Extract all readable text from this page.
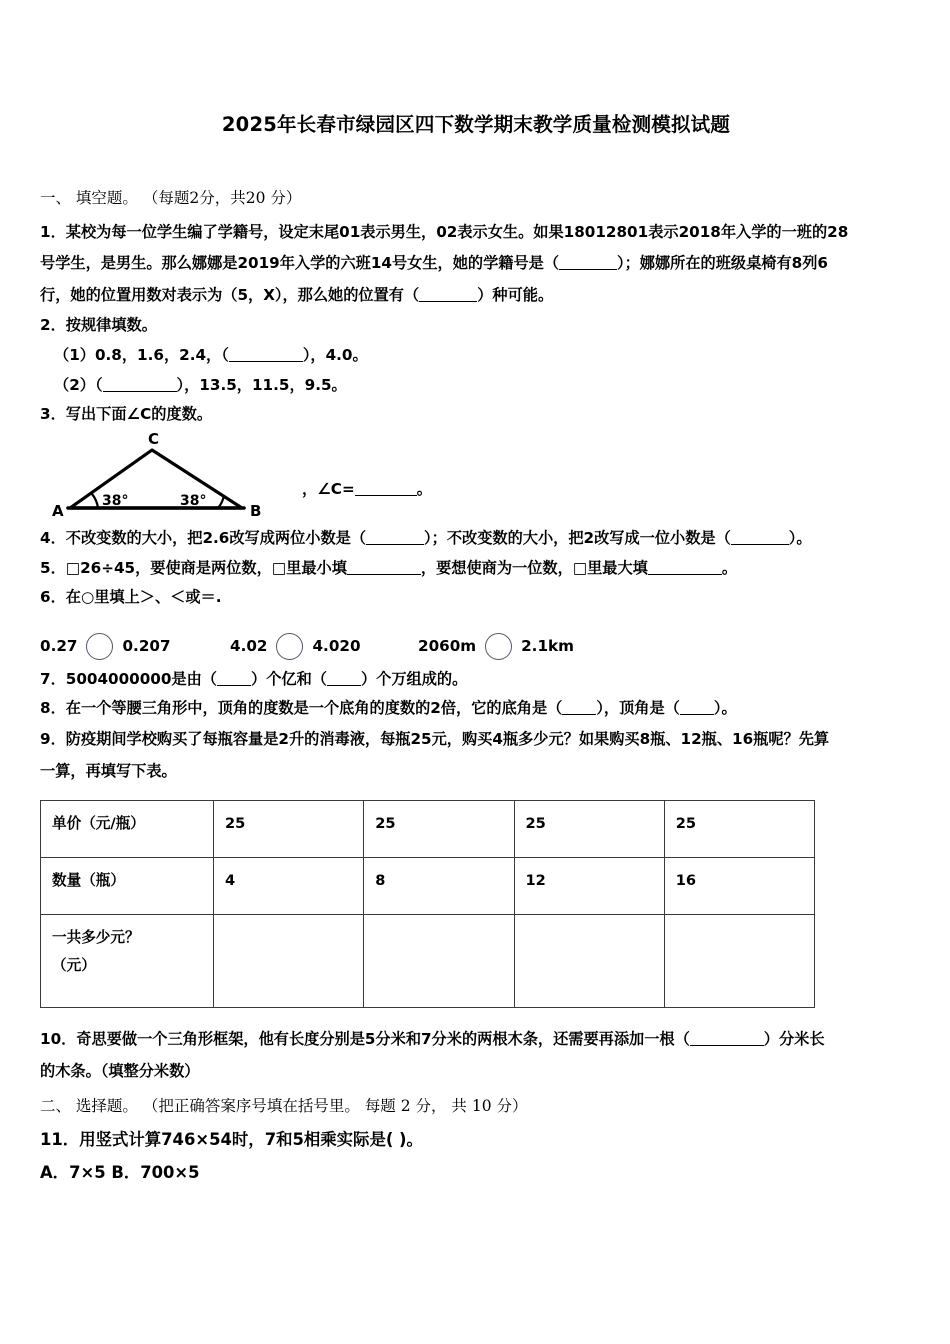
2025年长春市绿园区四下数学期末教学质量检测模拟试题
一、 填空题。 （每题2分，共20 分）
1．某校为每一位学生编了学籍号，设定末尾01表示男生，02表示女生。如果18012801表示2018年入学的一班的28
号学生，是男生。那么娜娜是2019年入学的六班14号女生，她的学籍号是（	）；娜娜所在的班级桌椅有8列6
行，她的位置用数对表示为（5，X），那么她的位置有（	）种可能。
2．按规律填数。
（1）0.8，1.6，2.4，（	），4.0。
（2）（	），13.5，11.5，9.5。
3．写出下面∠C的度数。
C
A	B
38°	38°
，∠C=	。
4．不改变数的大小，把2.6改写成两位小数是（	）；不改变数的大小，把2改写成一位小数是（	）。
5．□26÷45，要使商是两位数，□里最小填	，要想使商为一位数，□里最大填	。
6．在○里填上＞、＜或＝.
0.27	0.207	4.02	4.020	2060m	2.1km
7．5004000000是由（ ）个亿和（ ）个万组成的。
8．在一个等腰三角形中，顶角的度数是一个底角的度数的2倍，它的底角是（ ），顶角是（ ）。
9．防疫期间学校购买了每瓶容量是2升的消毒液，每瓶25元，购买4瓶多少元？如果购买8瓶、12瓶、16瓶呢？先算
一算，再填写下表。
单价（元/瓶）	25	25	25	25
数量（瓶）	4	8	12	16

一共多少元？
（元）				

10．奇思要做一个三角形框架，他有长度分别是5分米和7分米的两根木条，还需要再添加一根（	）分米长
的木条。（填整分米数）
二、 选择题。 （把正确答案序号填在括号里。 每题 2 分， 共 10 分）
11．用竖式计算746×54时，7和5相乘实际是( )。
A．7×5 B．700×5
